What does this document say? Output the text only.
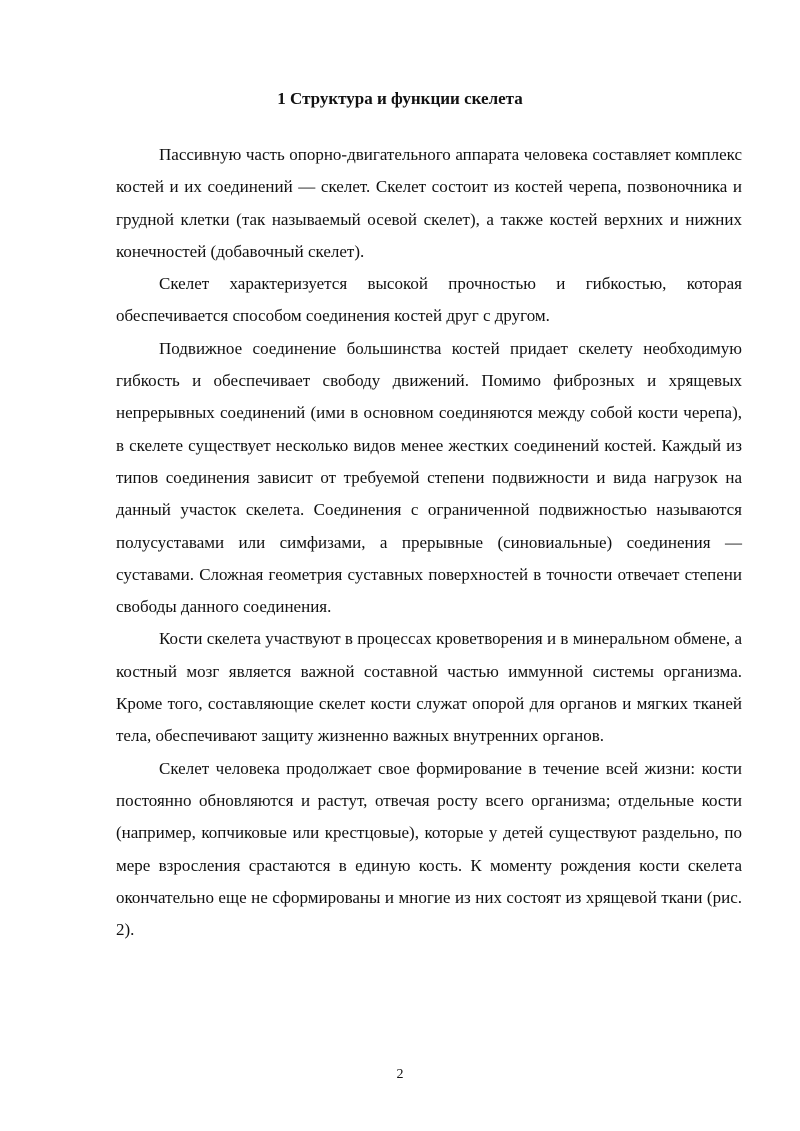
1 Структура и функции скелета

Пассивную часть опорно-двигательного аппарата человека составляет комплекс костей и их соединений — скелет. Скелет состоит из костей черепа, позвоночника и грудной клетки (так называемый осевой скелет), а также костей верхних и нижних конечностей (добавочный скелет).

Скелет характеризуется высокой прочностью и гибкостью, которая обеспечивается способом соединения костей друг с другом.

Подвижное соединение большинства костей придает скелету необходимую гибкость и обеспечивает свободу движений. Помимо фиброзных и хрящевых непрерывных соединений (ими в основном соединяются между собой кости черепа), в скелете существует несколько видов менее жестких соединений костей. Каждый из типов соединения зависит от требуемой степени подвижности и вида нагрузок на данный участок скелета. Соединения с ограниченной подвижностью называются полусуставами или симфизами, а прерывные (синовиальные) соединения — суставами. Сложная геометрия суставных поверхностей в точности отвечает степени свободы данного соединения.

Кости скелета участвуют в процессах кроветворения и в минеральном обмене, а костный мозг является важной составной частью иммунной системы организма. Кроме того, составляющие скелет кости служат опорой для органов и мягких тканей тела, обеспечивают защиту жизненно важных внутренних органов.

Скелет человека продолжает свое формирование в течение всей жизни: кости постоянно обновляются и растут, отвечая росту всего организма; отдельные кости (например, копчиковые или крестцовые), которые у детей существуют раздельно, по мере взросления срастаются в единую кость. К моменту рождения кости скелета окончательно еще не сформированы и многие из них состоят из хрящевой ткани (рис. 2).

2
